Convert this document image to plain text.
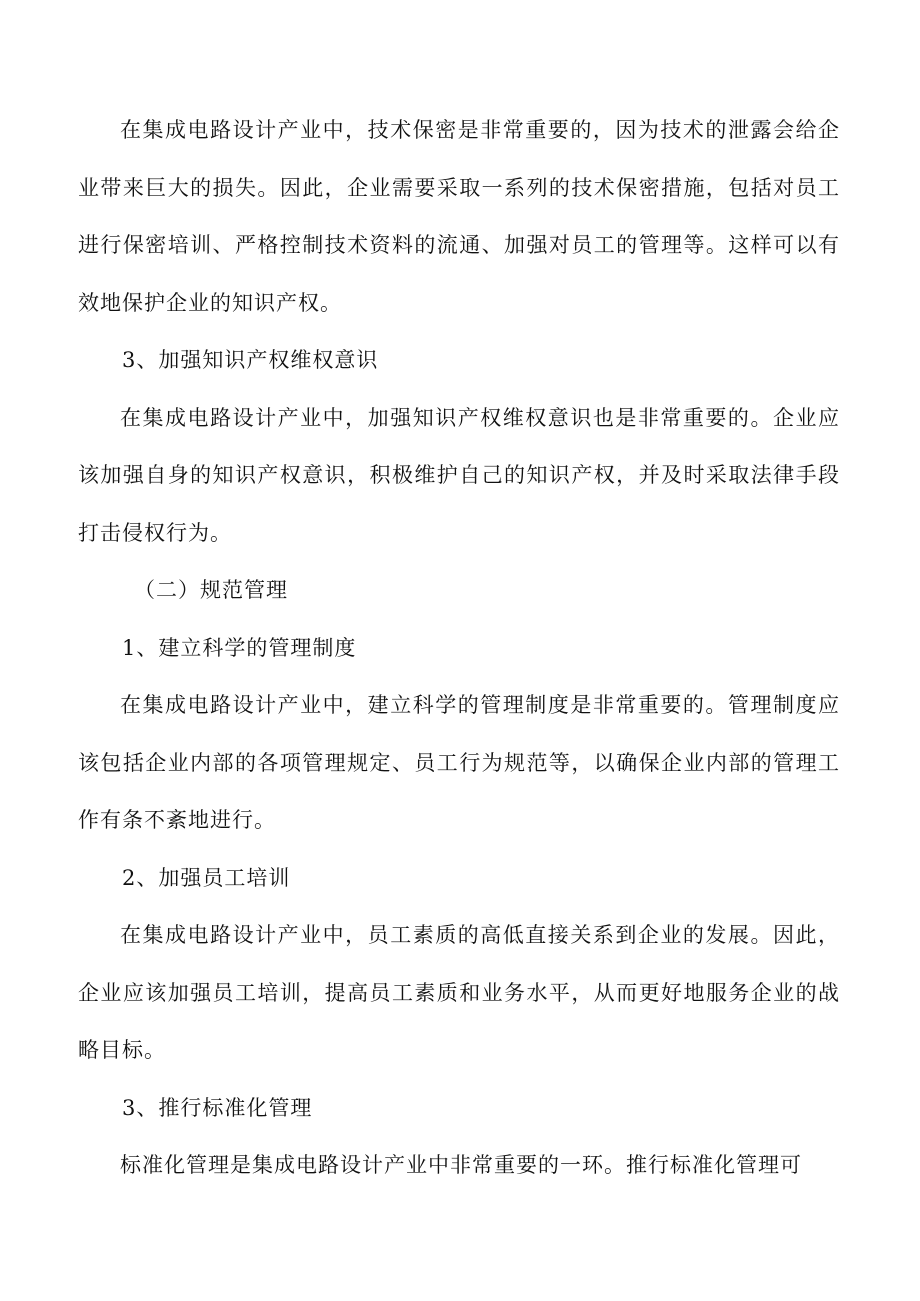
在集成电路设计产业中，技术保密是非常重要的，因为技术的泄露会给企业带来巨大的损失。因此，企业需要采取一系列的技术保密措施，包括对员工进行保密培训、严格控制技术资料的流通、加强对员工的管理等。这样可以有效地保护企业的知识产权。

3、加强知识产权维权意识

在集成电路设计产业中，加强知识产权维权意识也是非常重要的。企业应该加强自身的知识产权意识，积极维护自己的知识产权，并及时采取法律手段打击侵权行为。

（二）规范管理

1、建立科学的管理制度

在集成电路设计产业中，建立科学的管理制度是非常重要的。管理制度应该包括企业内部的各项管理规定、员工行为规范等，以确保企业内部的管理工作有条不紊地进行。

2、加强员工培训

在集成电路设计产业中，员工素质的高低直接关系到企业的发展。因此，企业应该加强员工培训，提高员工素质和业务水平，从而更好地服务企业的战略目标。

3、推行标准化管理

标准化管理是集成电路设计产业中非常重要的一环。推行标准化管理可
